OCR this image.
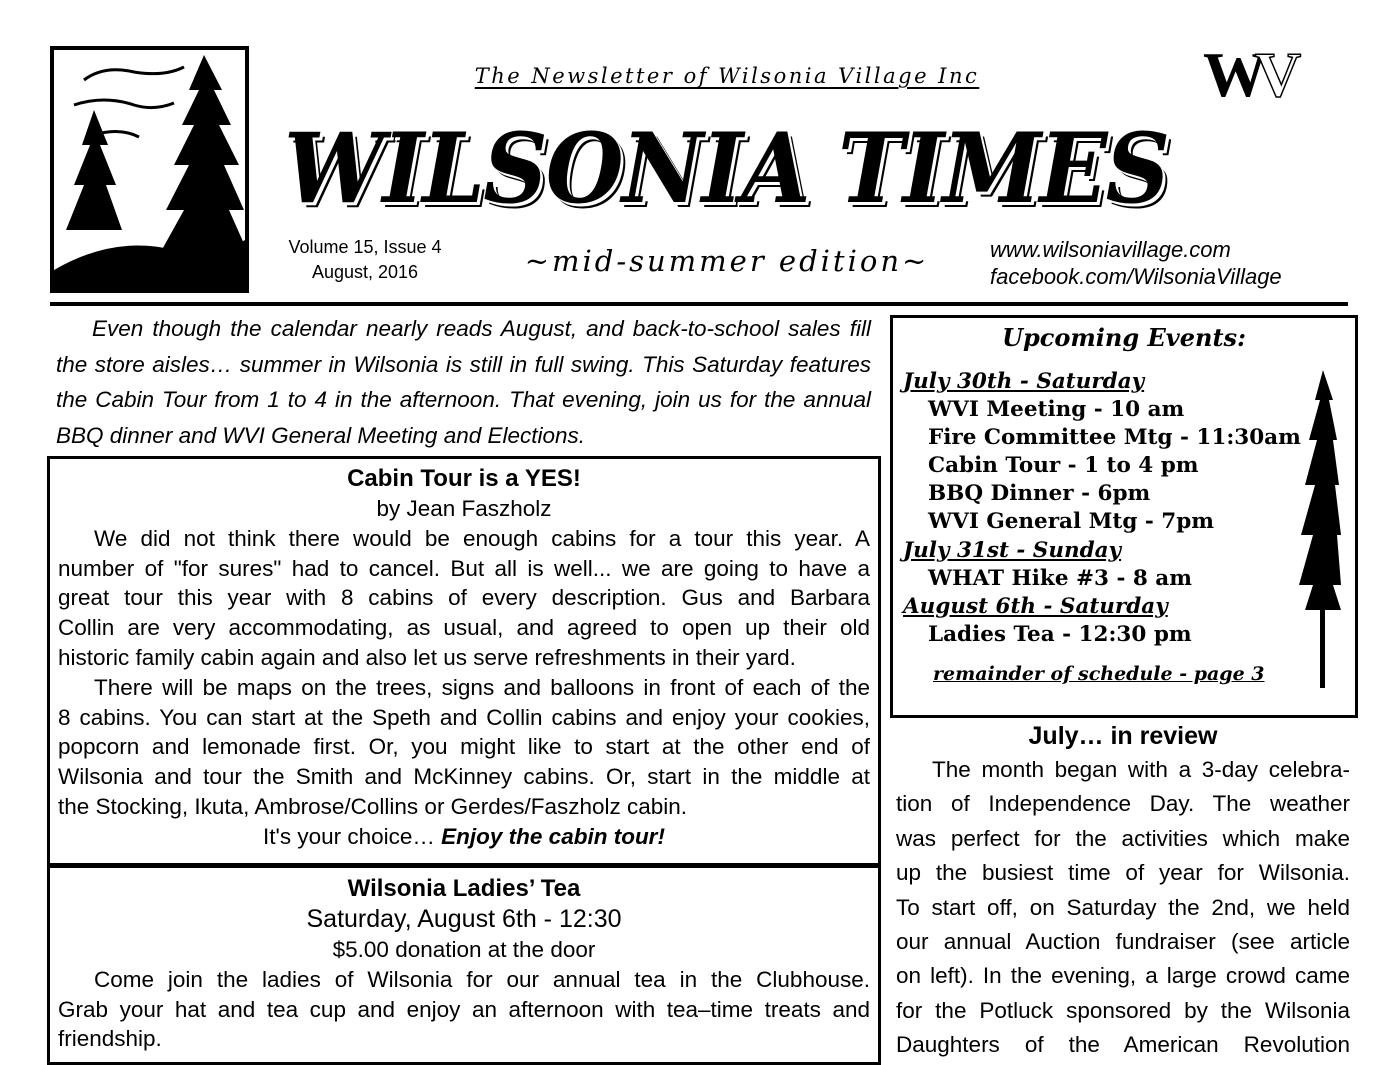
The Newsletter of Wilsonia Village Inc	WV
WILSONIA TIMES
Volume 15, Issue 4
August, 2016	~mid-summer edition~	www.wilsoniavillage.com
facebook.com/WilsoniaVillage
Even though the calendar nearly reads August, and back-to-school sales fill
the store aisles… summer in Wilsonia is still in full swing. This Saturday features
the Cabin Tour from 1 to 4 in the afternoon. That evening, join us for the annual
BBQ dinner and WVI General Meeting and Elections.
Cabin Tour is a YES!
by Jean Faszholz
We did not think there would be enough cabins for a tour this year. A
number of "for sures" had to cancel. But all is well... we are going to have a
great tour this year with 8 cabins of every description. Gus and Barbara
Collin are very accommodating, as usual, and agreed to open up their old
historic family cabin again and also let us serve refreshments in their yard.
There will be maps on the trees, signs and balloons in front of each of the
8 cabins. You can start at the Speth and Collin cabins and enjoy your cookies,
popcorn and lemonade first. Or, you might like to start at the other end of
Wilsonia and tour the Smith and McKinney cabins. Or, start in the middle at
the Stocking, Ikuta, Ambrose/Collins or Gerdes/Faszholz cabin.
It's your choice… Enjoy the cabin tour!
Wilsonia Ladies’ Tea
Saturday, August 6th - 12:30
$5.00 donation at the door
Come join the ladies of Wilsonia for our annual tea in the Clubhouse.
Grab your hat and tea cup and enjoy an afternoon with tea–time treats and
friendship.
Upcoming Events:
July 30th - Saturday
WVI Meeting - 10 am
Fire Committee Mtg - 11:30am
Cabin Tour - 1 to 4 pm
BBQ Dinner - 6pm
WVI General Mtg - 7pm
July 31st - Sunday
WHAT Hike #3 - 8 am
August 6th - Saturday
Ladies Tea - 12:30 pm
remainder of schedule - page 3
July… in review
The month began with a 3-day celebra-
tion of Independence Day. The weather
was perfect for the activities which make
up the busiest time of year for Wilsonia.
To start off, on Saturday the 2nd, we held
our annual Auction fundraiser (see article
on left). In the evening, a large crowd came
for the Potluck sponsored by the Wilsonia
Daughters of the American Revolution
